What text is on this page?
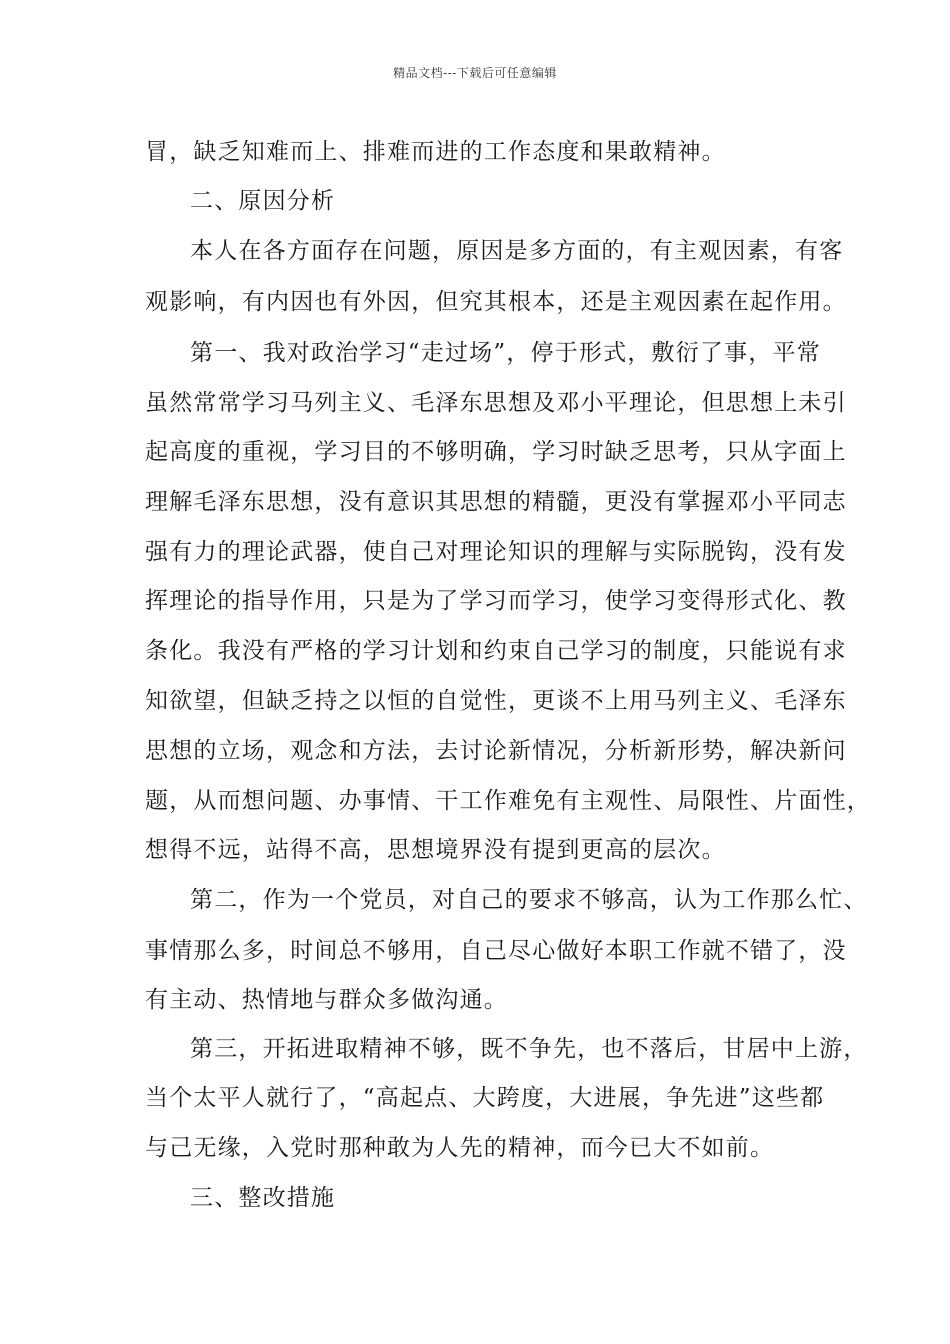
精品文档---下载后可任意编辑
冒，缺乏知难而上、排难而进的工作态度和果敢精神。
二、原因分析
本人在各方面存在问题，原因是多方面的，有主观因素，有客
观影响，有内因也有外因，但究其根本，还是主观因素在起作用。
第一、我对政治学习“走过场”，停于形式，敷衍了事，平常
虽然常常学习马列主义、毛泽东思想及邓小平理论，但思想上未引
起高度的重视，学习目的不够明确，学习时缺乏思考，只从字面上
理解毛泽东思想，没有意识其思想的精髓，更没有掌握邓小平同志
强有力的理论武器，使自己对理论知识的理解与实际脱钩，没有发
挥理论的指导作用，只是为了学习而学习，使学习变得形式化、教
条化。我没有严格的学习计划和约束自己学习的制度，只能说有求
知欲望，但缺乏持之以恒的自觉性，更谈不上用马列主义、毛泽东
思想的立场，观念和方法，去讨论新情况，分析新形势，解决新问
题，从而想问题、办事情、干工作难免有主观性、局限性、片面性，
想得不远，站得不高，思想境界没有提到更高的层次。
第二，作为一个党员，对自己的要求不够高，认为工作那么忙、
事情那么多，时间总不够用，自己尽心做好本职工作就不错了，没
有主动、热情地与群众多做沟通。
第三，开拓进取精神不够，既不争先，也不落后，甘居中上游，
当个太平人就行了，“高起点、大跨度，大进展，争先进”这些都
与己无缘，入党时那种敢为人先的精神，而今已大不如前。
三、整改措施
